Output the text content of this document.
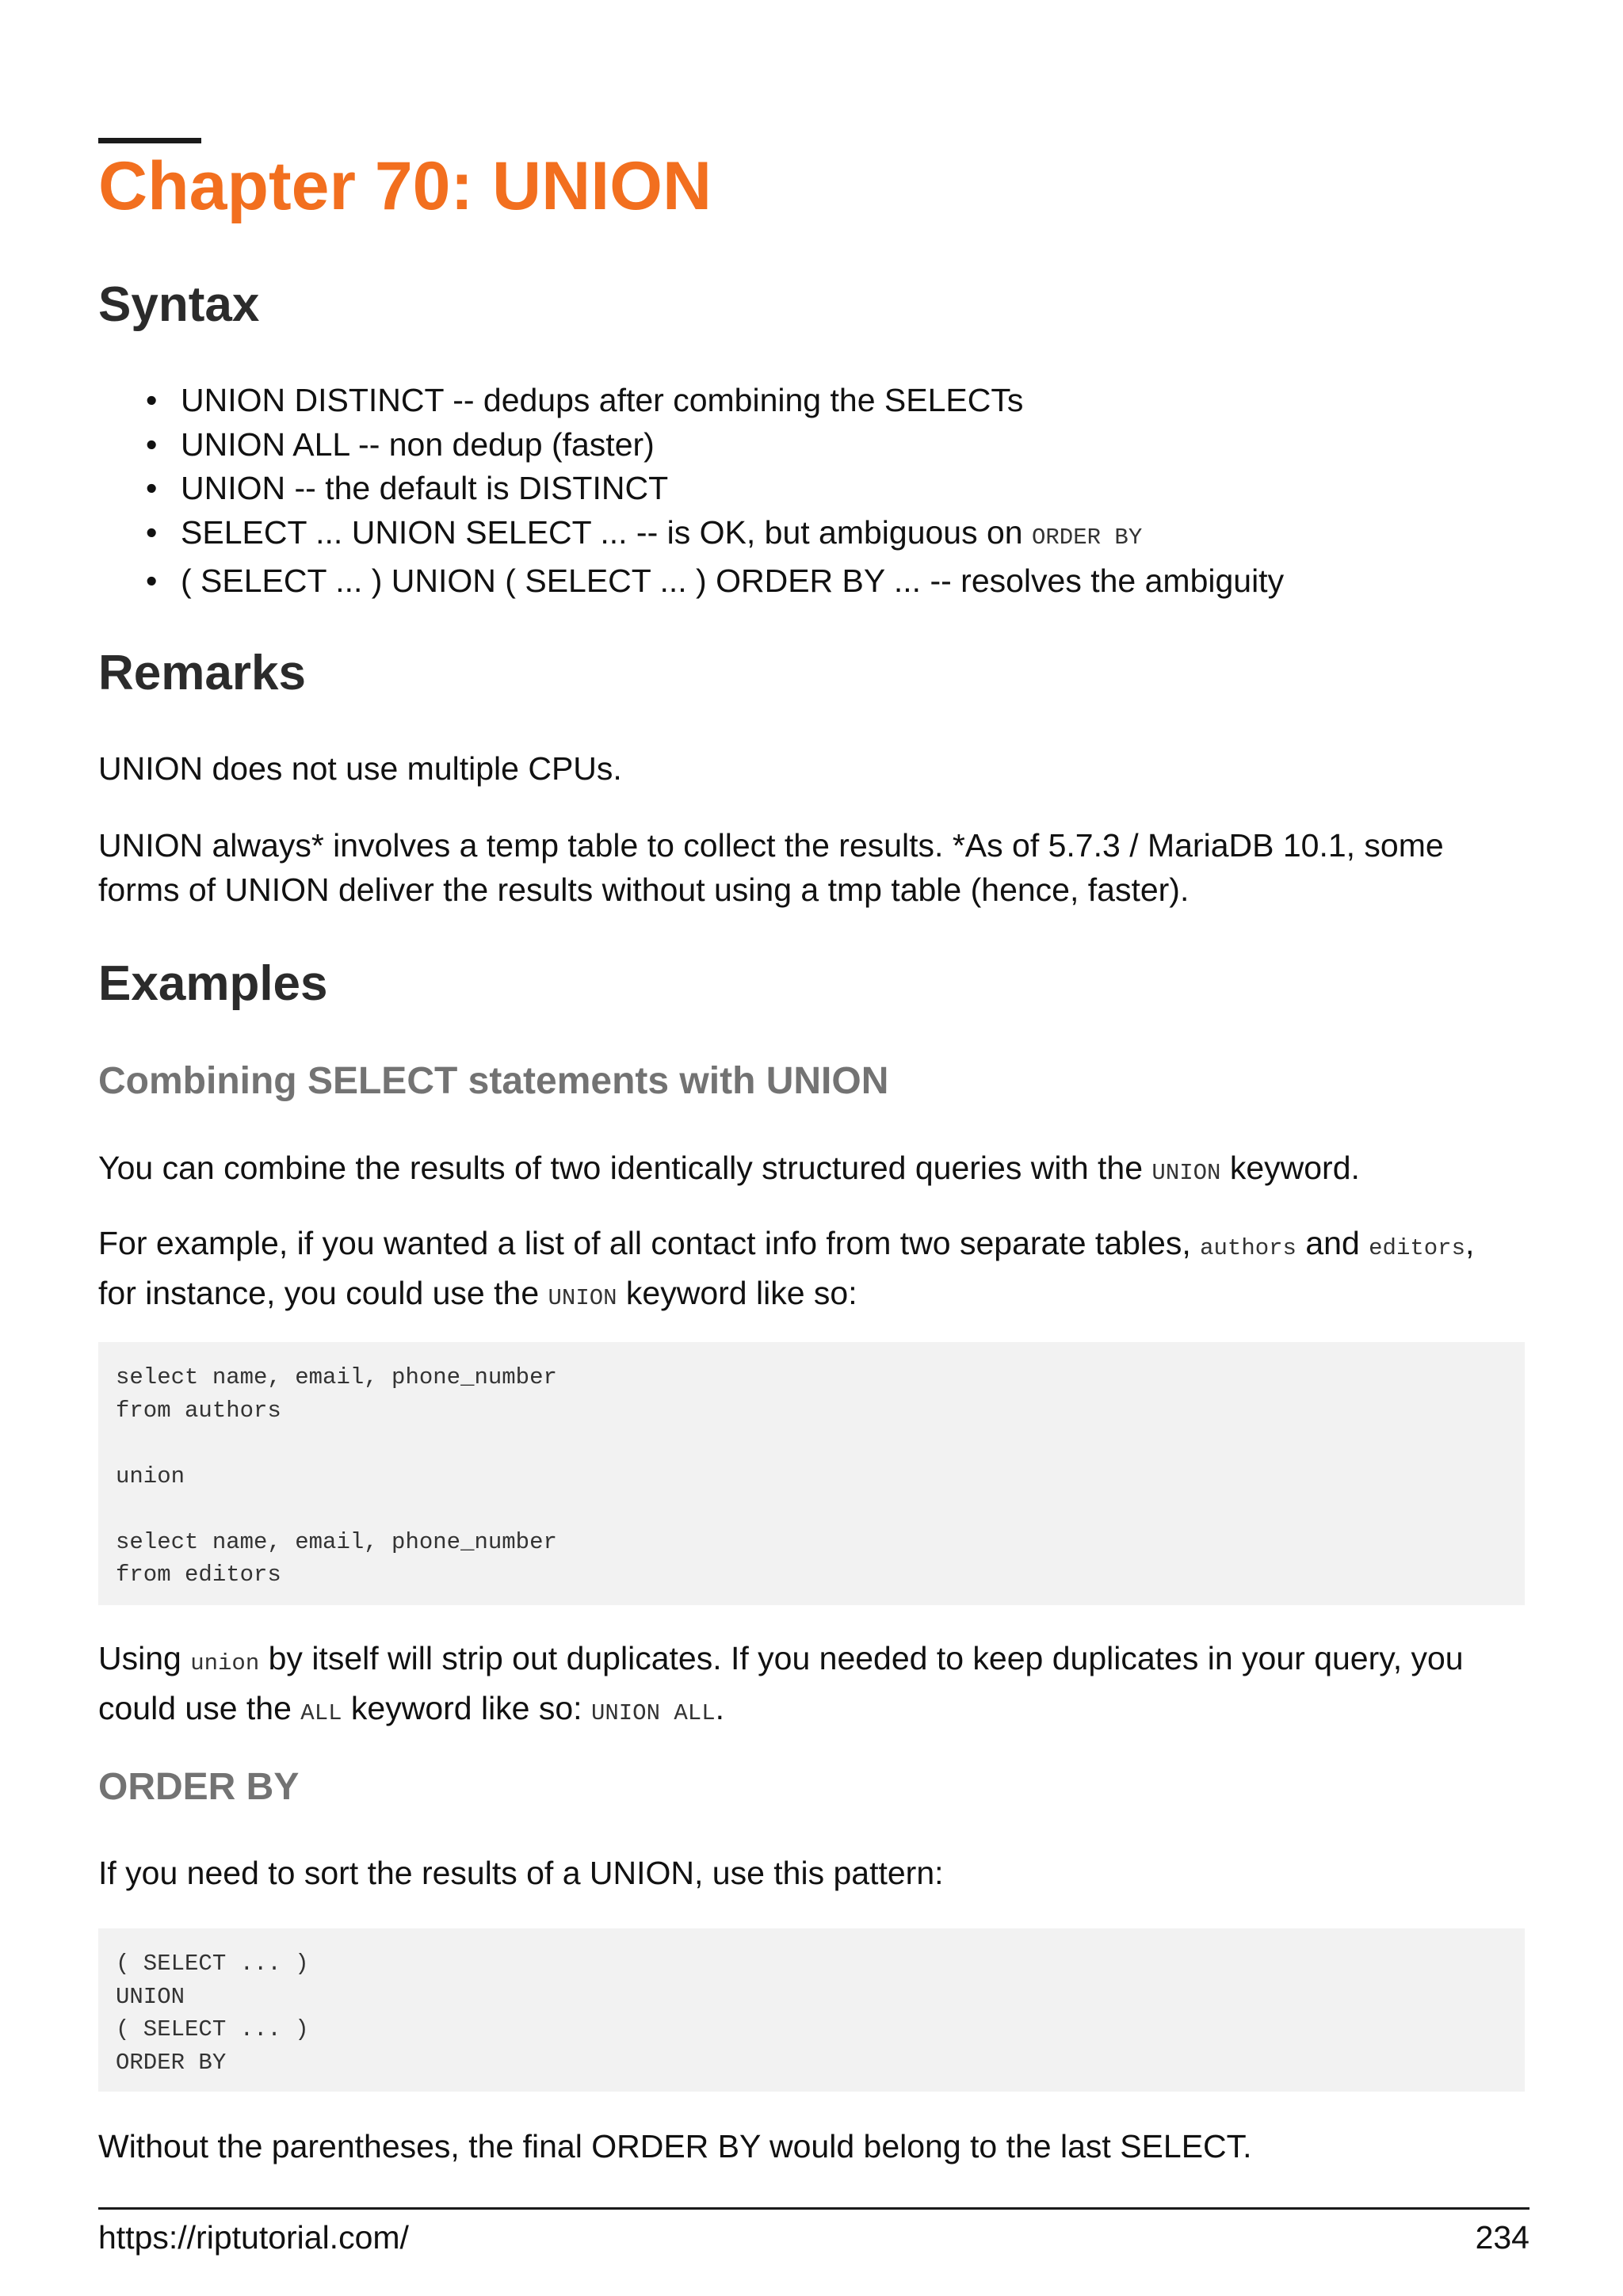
Chapter 70: UNION
Syntax
• UNION DISTINCT -- dedups after combining the SELECTs
• UNION ALL -- non dedup (faster)
• UNION -- the default is DISTINCT
• SELECT ... UNION SELECT ... -- is OK, but ambiguous on ORDER BY
• ( SELECT ... ) UNION ( SELECT ... ) ORDER BY ... -- resolves the ambiguity
Remarks

UNION does not use multiple CPUs.

UNION always* involves a temp table to collect the results. *As of 5.7.3 / MariaDB 10.1, some
forms of UNION deliver the results without using a tmp table (hence, faster).

Examples
Combining SELECT statements with UNION

You can combine the results of two identically structured queries with the UNION keyword.

For example, if you wanted a list of all contact info from two separate tables, authors and editors,
for instance, you could use the UNION keyword like so:

select name, email, phone_number
from authors

union

select name, email, phone_number
from editors

Using union by itself will strip out duplicates. If you needed to keep duplicates in your query, you
could use the ALL keyword like so: UNION ALL.

ORDER BY

If you need to sort the results of a UNION, use this pattern:

( SELECT ... )
UNION
( SELECT ... )
ORDER BY

Without the parentheses, the final ORDER BY would belong to the last SELECT.

https://riptutorial.com/	234
